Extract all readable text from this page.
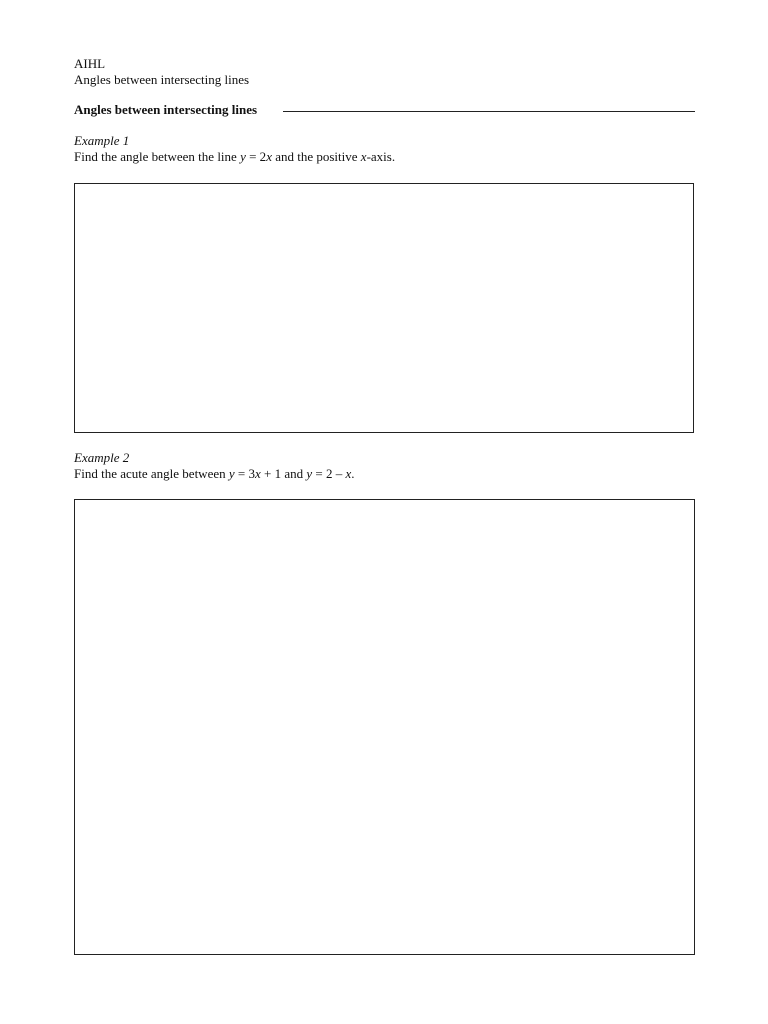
AIHL
Angles between intersecting lines
Angles between intersecting lines
Example 1
Find the angle between the line y = 2x and the positive x-axis.
Example 2
Find the acute angle between y = 3x + 1 and y = 2 – x.
